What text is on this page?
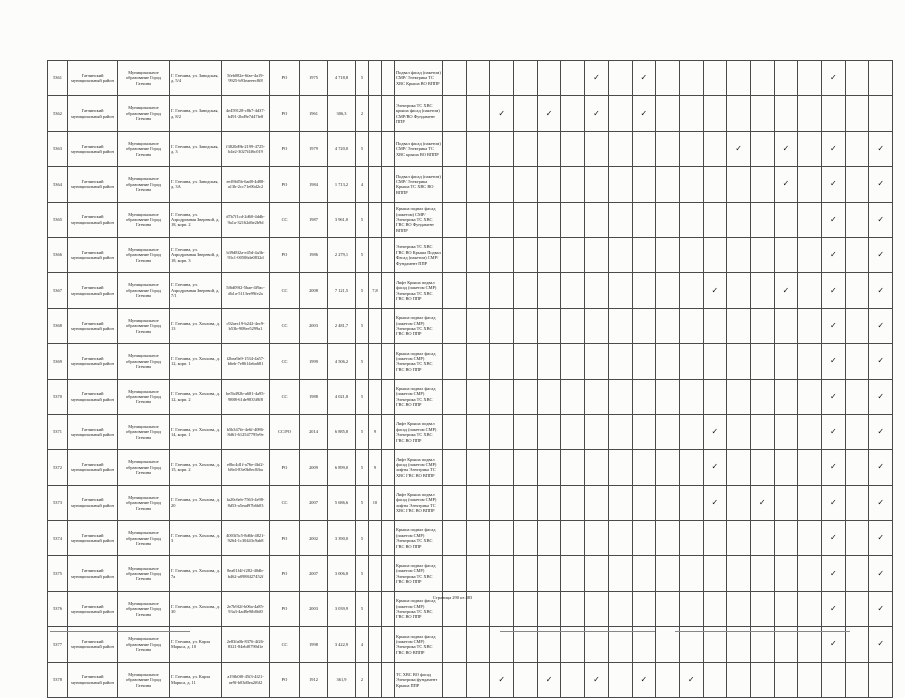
5361	Гатчинский муниципальный район	Муниципальное образование Город Гатчина	Г. Гатчина, ул. Заводская, д. 5/4	5feb082e-6fae-4a19-9925-b93eaeeec8f8	РО	1975	4 718,8	5			Подвал фасад (пакетом) СМР/ Электрика ТС ХВС Крыша ВО ВППР							✓		✓								✓		
5362	Гатчинский муниципальный район	Муниципальное образование Город Гатчина	Г. Гатчина, ул. Заводская, д. 8/2	4e459128-c8b7-4d37-b491-2bd9e7d47fe8	РО	1961	306,3	2			Электрика ТС ХВС крыша фасад (пакетом) СМР/ВО Фундамент ППР			✓		✓		✓		✓										
5363	Гатчинский муниципальный район	Муниципальное образование Город Гатчина	Г. Гатчина, ул. Заводская, д. 3	f3820d9b-2199-4725-b4e2-3027f4f6c019	РО	1979	4 720,0	5			Подвал фасад (пакетом) СМР/ Электрика ТС ХВС крыша ВО ВППР													✓		✓		✓		✓
5364	Гатчинский муниципальный район	Муниципальное образование Город Гатчина	Г. Гатчина, ул. Заводская, д. 3А	ee49fd5b-6ad8-4d88-a13b-2cc71e06d2c2	РО	1984	1 713,2	4			Подвал фасад (пакетом) СМР/ Электрика Крыша ТС ХВС ВО ВППР															✓		✓		✓
5365	Гатчинский муниципальный район	Муниципальное образование Город Гатчина	Г. Гатчина, ул. Аэродромная Зверевой, д. 18, корп. 2	d7b7f1cd-2d60-4ddb-9a1a-32162d6e2b9d	СС	1987	3 961,0	5			Крыша подвал фасад (пакетом) СМР/ Электрика ТС ХВС ГВС ВО Фундамент ВППР																	✓		✓
5366	Гатчинский муниципальный район	Муниципальное образование Город Гатчина	Г. Гатчина, ул. Аэродромная Зверевой, д. 18, корп. 3	b39d8f2a-e45d-4a3b-93c1-00506de0832d	РО	1986	2 279,1	5			Электрика ТС ХВС ГВС ВО Крыша Подвал Фасад (пакетом) СМР/ Фундамент ППР																	✓		✓
5367	Гатчинский муниципальный район	Муниципальное образование Город Гатчина	Г. Гатчина, ул. Аэродромная Зверевой, д. 7/1	5f6d09f2-5bae-4f9ac-db1a-5113ee99fe2a	СС	2008	7 121,5	5	7,8		Лифт Крыша подвал фасад (пакетом СМР) Электрика ТС ХВС ГВС ВО ППР												✓			✓		✓		✓
5368	Гатчинский муниципальный район	Муниципальное образование Город Гатчина	Г. Гатчина, ул. Хохлова, д. 13	c92aec19-b242-4ec9-b53b-908ee5299a1	СС	2003	2 481,7	5			Крыша подвал фасад (пакетом СМР) Электрика ТС ХВС ГВС ВО ППР																	✓		✓
5369	Гатчинский муниципальный район	Муниципальное образование Город Гатчина	Г. Гатчина, ул. Хохлова, д. 12, корп. 1	f2bea9a9-1534-4a57-b6eb-7e8614eba681	СС	1999	4 506,2	5			Крыша подвал фасад (пакетом СМР) Электрика ТС ХВС ГВС ВО ППР																	✓		✓
5370	Гатчинский муниципальный район	Муниципальное образование Город Гатчина	Г. Гатчина, ул. Хохлова, д. 12, корп. 2	be5b492b-a681-4a95-9888-61de9833f8f8	СС	1988	4 021,8	5			Крыша подвал фасад (пакетом СМР) Электрика ТС ХВС ГВС ВО ППР																	✓		✓
5371	Гатчинский муниципальный район	Муниципальное образование Город Гатчина	Г. Гатчина, ул. Хохлова, д. 14, корп. 1	b5b347fe-4e6f-4086-8d61-612547795e9e	СС/РО	2014	6 885,8	5	9		Лифт Крыша подвал фасад (пакетом СМР) Электрика ТС ХВС ГВС ВО ППР												✓					✓		✓
5372	Гатчинский муниципальный район	Муниципальное образование Город Гатчина	Г. Гатчина, ул. Хохлова, д. 15, корп. 2	e0bc4d1f-a76e-4bf2-b8e4-83e0b0ec0fba	РО	2009	6 899,0	5	9		Лифт Крыша подвал фасад (пакетом СМР) лифты Электрика ТС ХВС ГВС ВО ВППР												✓					✓		✓
5373	Гатчинский муниципальный район	Муниципальное образование Город Гатчина	Г. Гатчина, ул. Хохлова, д. 20	fa20c6eb-7563-4e98-8d53-a5ead97b6b03	СС	2007	5 686,6	5	10		Лифт Крыша подвал фасад (пакетом СМР) лифты Электрика ТС ХВС ГВС ВО ВППР												✓		✓			✓		✓
5374	Гатчинский муниципальный район	Муниципальное образование Город Гатчина	Г. Гатчина, ул. Хохлова, д. 3	4003f5c5-8d6b-4821-9264-1c30443c9ab8	РО	2002	3 390,0	5			Крыша подвал фасад (пакетом СМР) Электрика ТС ХВС ГВС ВО ППР																	✓		✓
5375	Гатчинский муниципальный район	Муниципальное образование Город Гатчина	Г. Гатчина, ул. Хохлова, д. 7а	8ea01f4f-f282-40db-b462-a0988427452f	РО	2007	3 006,8	5			Крыша подвал фасад (пакетом СМР) Электрика ТС ХВС ГВС ВО ППР																	✓		✓
5376	Гатчинский муниципальный район	Муниципальное образование Город Гатчина	Г. Гатчина, ул. Хохлова, д. 30	2e7b9f2f-b06a-4a85-93a3-4ad8e9fb8fd0	РО	2003	3 039,9	5			Крыша подвал фасад (пакетом СМР) Электрика ТС ХВС ГВС ВО ППР																	✓		✓
5377	Гатчинский муниципальный район	Муниципальное образование Город Гатчина	Г. Гатчина, ул. Карла Маркса, д. 10	2e83fa0b-8376-4f26-8321-84ebf0790d1e	СС	1998	3 422,9	4			Крыша подвал фасад (пакетом СМР) Электрика ТС ХВС ГВС ВО ВППР																	✓		✓
5378	Гатчинский муниципальный район	Муниципальное образование Город Гатчина	Г. Гатчина, ул. Карла Маркса, д. 11	a19fb0f0-45f3-4f21-ae9f-b03d0ea2f6f2	РО	1912	361,9	2			ТС ХВС ВО фасад Электрика фундамент Крыша ППР			✓		✓		✓		✓		✓								
Страница 290 из 483
